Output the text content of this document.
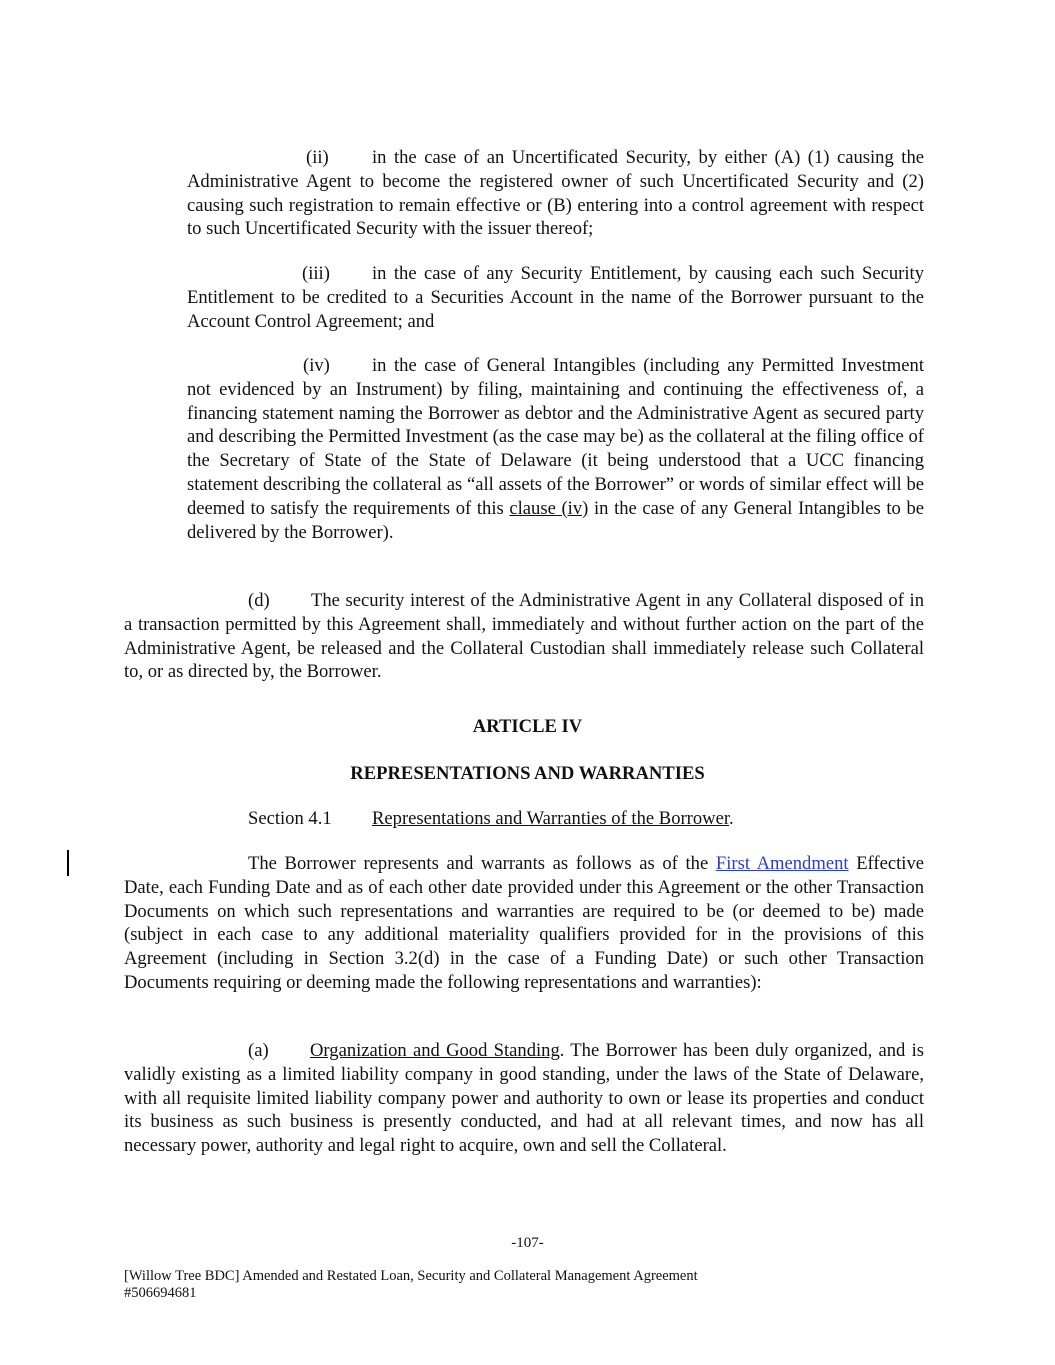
(ii) in the case of an Uncertificated Security, by either (A) (1) causing the Administrative Agent to become the registered owner of such Uncertificated Security and (2) causing such registration to remain effective or (B) entering into a control agreement with respect to such Uncertificated Security with the issuer thereof;

(iii) in the case of any Security Entitlement, by causing each such Security Entitlement to be credited to a Securities Account in the name of the Borrower pursuant to the Account Control Agreement; and

(iv) in the case of General Intangibles (including any Permitted Investment not evidenced by an Instrument) by filing, maintaining and continuing the effectiveness of, a financing statement naming the Borrower as debtor and the Administrative Agent as secured party and describing the Permitted Investment (as the case may be) as the collateral at the filing office of the Secretary of State of the State of Delaware (it being understood that a UCC financing statement describing the collateral as “all assets of the Borrower” or words of similar effect will be deemed to satisfy the requirements of this clause (iv) in the case of any General Intangibles to be delivered by the Borrower).

(d) The security interest of the Administrative Agent in any Collateral disposed of in a transaction permitted by this Agreement shall, immediately and without further action on the part of the Administrative Agent, be released and the Collateral Custodian shall immediately release such Collateral to, or as directed by, the Borrower.

ARTICLE IV

REPRESENTATIONS AND WARRANTIES

Section 4.1 Representations and Warranties of the Borrower.

The Borrower represents and warrants as follows as of the First Amendment Effective Date, each Funding Date and as of each other date provided under this Agreement or the other Transaction Documents on which such representations and warranties are required to be (or deemed to be) made (subject in each case to any additional materiality qualifiers provided for in the provisions of this Agreement (including in Section 3.2(d) in the case of a Funding Date) or such other Transaction Documents requiring or deeming made the following representations and warranties):

(a) Organization and Good Standing. The Borrower has been duly organized, and is validly existing as a limited liability company in good standing, under the laws of the State of Delaware, with all requisite limited liability company power and authority to own or lease its properties and conduct its business as such business is presently conducted, and had at all relevant times, and now has all necessary power, authority and legal right to acquire, own and sell the Collateral.

-107-
[Willow Tree BDC] Amended and Restated Loan, Security and Collateral Management Agreement
#506694681
